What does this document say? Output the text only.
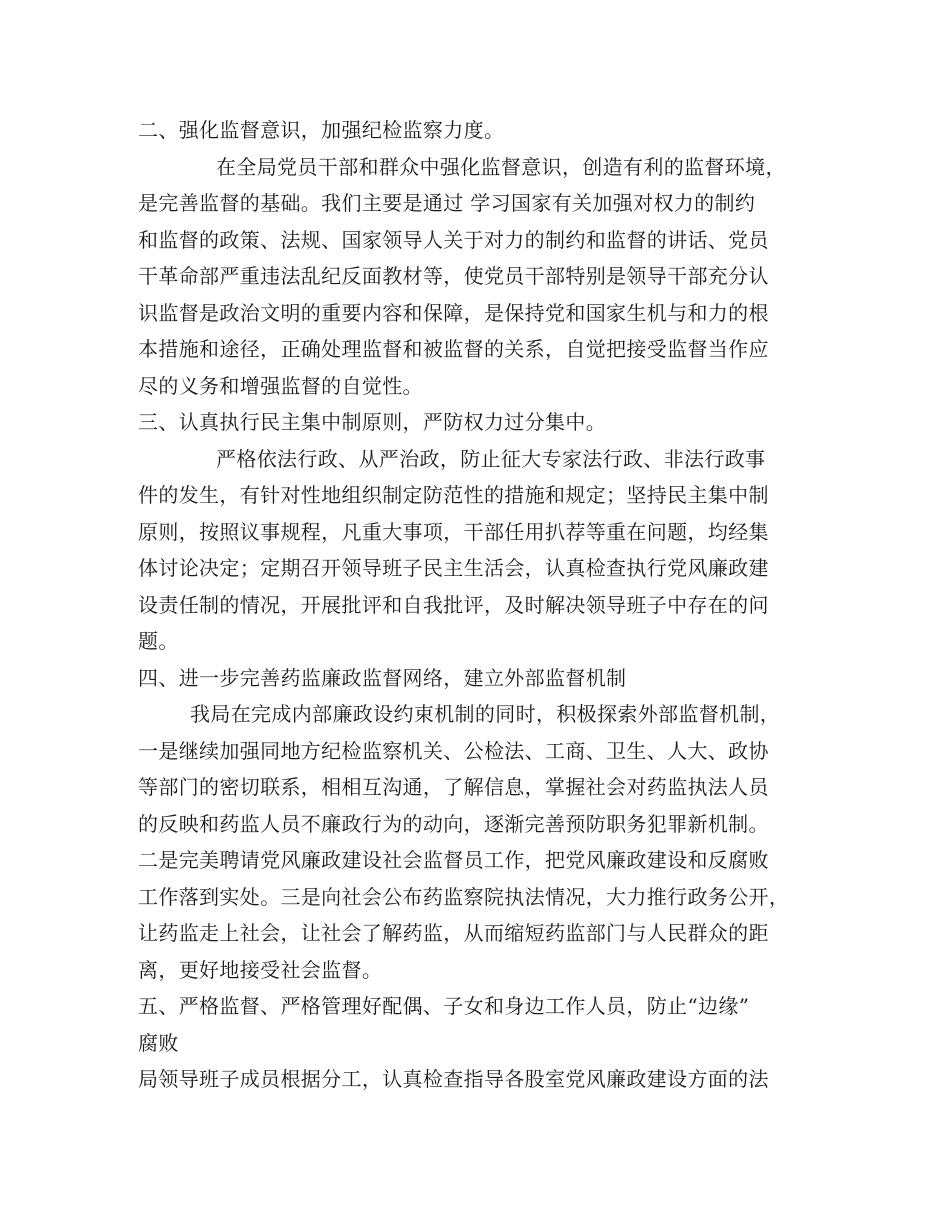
二、强化监督意识，加强纪检监察力度。
在全局党员干部和群众中强化监督意识，创造有利的监督环境，
是完善监督的基础。我们主要是通过 学习国家有关加强对权力的制约
和监督的政策、法规、国家领导人关于对力的制约和监督的讲话、党员
干革命部严重违法乱纪反面教材等，使党员干部特别是领导干部充分认
识监督是政治文明的重要内容和保障，是保持党和国家生机与和力的根
本措施和途径，正确处理监督和被监督的关系，自觉把接受监督当作应
尽的义务和增强监督的自觉性。
三、认真执行民主集中制原则，严防权力过分集中。
严格依法行政、从严治政，防止征大专家法行政、非法行政事
件的发生，有针对性地组织制定防范性的措施和规定；坚持民主集中制
原则，按照议事规程，凡重大事项，干部任用扒荐等重在问题，均经集
体讨论决定；定期召开领导班子民主生活会，认真检查执行党风廉政建
设责任制的情况，开展批评和自我批评，及时解决领导班子中存在的问
题。
四、进一步完善药监廉政监督网络，建立外部监督机制
我局在完成内部廉政设约束机制的同时，积极探索外部监督机制，
一是继续加强同地方纪检监察机关、公检法、工商、卫生、人大、政协
等部门的密切联系，相相互沟通，了解信息，掌握社会对药监执法人员
的反映和药监人员不廉政行为的动向，逐渐完善预防职务犯罪新机制。
二是完美聘请党风廉政建设社会监督员工作，把党风廉政建设和反腐败
工作落到实处。三是向社会公布药监察院执法情况，大力推行政务公开，
让药监走上社会，让社会了解药监，从而缩短药监部门与人民群众的距
离，更好地接受社会监督。
五、严格监督、严格管理好配偶、子女和身边工作人员，防止“边缘”
腐败
局领导班子成员根据分工，认真检查指导各股室党风廉政建设方面的法
